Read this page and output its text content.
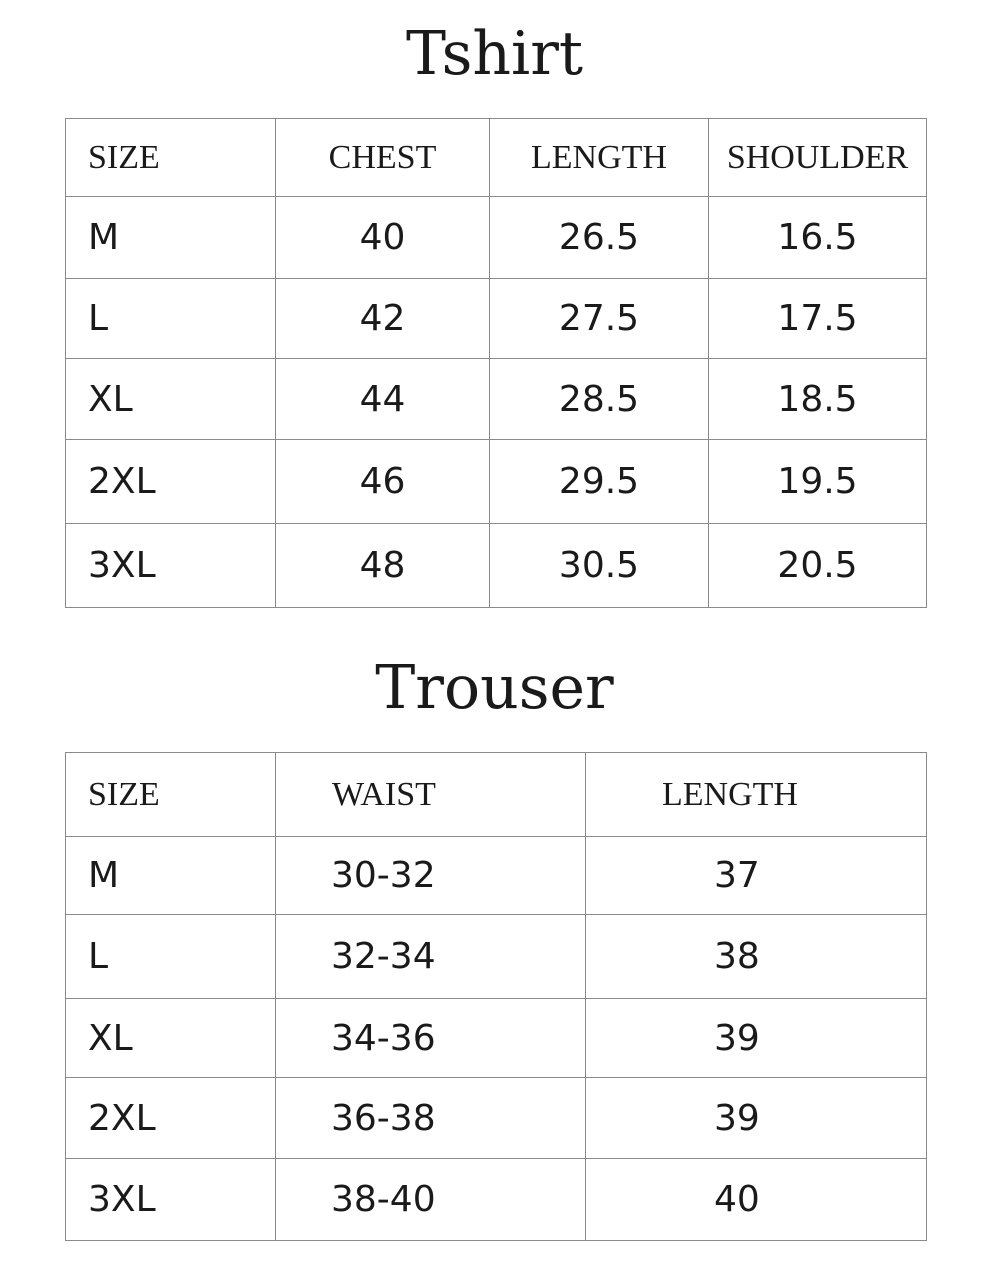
Tshirt
SIZE	CHEST	LENGTH	SHOULDER
M	40	26.5	16.5
L	42	27.5	17.5
XL	44	28.5	18.5
2XL	46	29.5	19.5
3XL	48	30.5	20.5
Trouser
SIZE	WAIST	LENGTH
M	30-32	37
L	32-34	38
XL	34-36	39
2XL	36-38	39
3XL	38-40	40
